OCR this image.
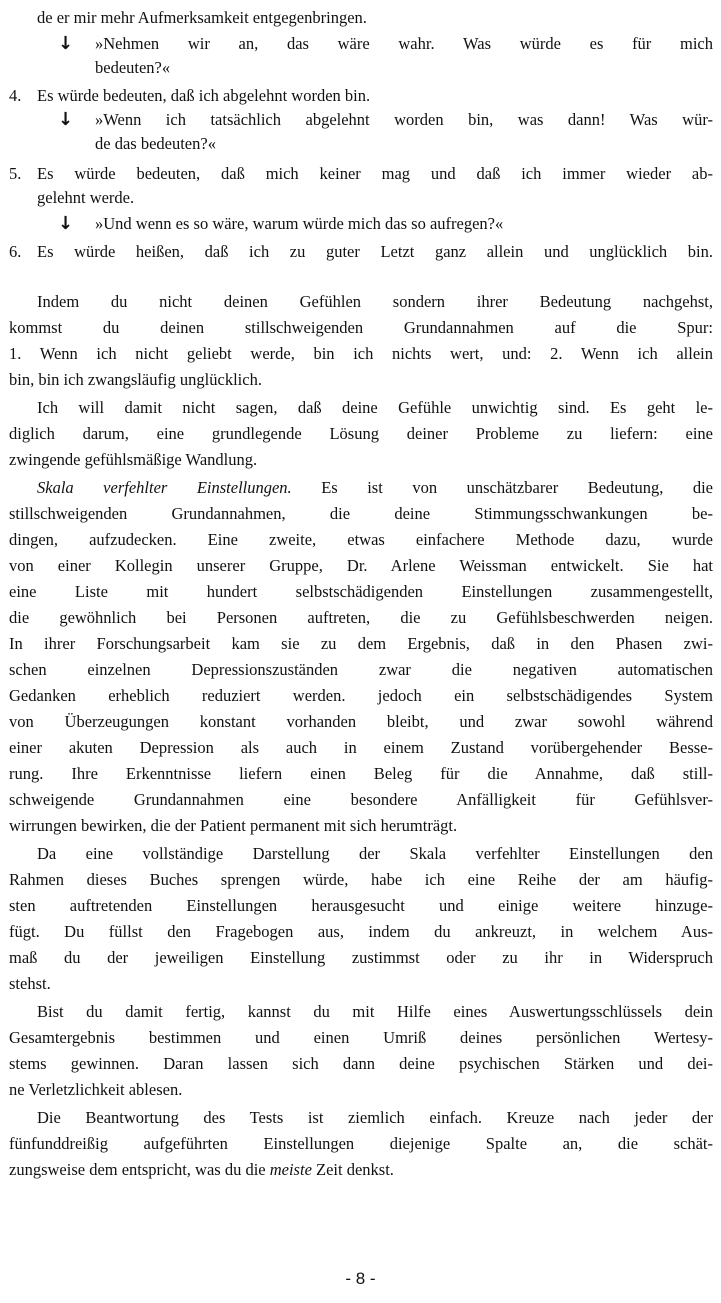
de er mir mehr Aufmerksamkeit entgegenbringen.
↓ »Nehmen wir an, das wäre wahr. Was würde es für mich
bedeuten?«
4. Es würde bedeuten, daß ich abgelehnt worden bin.
↓ »Wenn ich tatsächlich abgelehnt worden bin, was dann! Was wür-
de das bedeuten?«
5. Es würde bedeuten, daß mich keiner mag und daß ich immer wieder ab-
gelehnt werde.
↓ »Und wenn es so wäre, warum würde mich das so aufregen?«
6. Es würde heißen, daß ich zu guter Letzt ganz allein und unglücklich bin.
Indem du nicht deinen Gefühlen sondern ihrer Bedeutung nachgehst,
kommst du deinen stillschweigenden Grundannahmen auf die Spur:
1. Wenn ich nicht geliebt werde, bin ich nichts wert, und: 2. Wenn ich allein
bin, bin ich zwangsläufig unglücklich.
Ich will damit nicht sagen, daß deine Gefühle unwichtig sind. Es geht le-
diglich darum, eine grundlegende Lösung deiner Probleme zu liefern: eine
zwingende gefühlsmäßige Wandlung.
Skala verfehlter Einstellungen. Es ist von unschätzbarer Bedeutung, die
stillschweigenden Grundannahmen, die deine Stimmungsschwankungen be-
dingen, aufzudecken. Eine zweite, etwas einfachere Methode dazu, wurde
von einer Kollegin unserer Gruppe, Dr. Arlene Weissman entwickelt. Sie hat
eine Liste mit hundert selbstschädigenden Einstellungen zusammengestellt,
die gewöhnlich bei Personen auftreten, die zu Gefühlsbeschwerden neigen.
In ihrer Forschungsarbeit kam sie zu dem Ergebnis, daß in den Phasen zwi-
schen einzelnen Depressionszuständen zwar die negativen automatischen
Gedanken erheblich reduziert werden. jedoch ein selbstschädigendes System
von Überzeugungen konstant vorhanden bleibt, und zwar sowohl während
einer akuten Depression als auch in einem Zustand vorübergehender Besse-
rung. Ihre Erkenntnisse liefern einen Beleg für die Annahme, daß still-
schweigende Grundannahmen eine besondere Anfälligkeit für Gefühlsver-
wirrungen bewirken, die der Patient permanent mit sich herumträgt.
Da eine vollständige Darstellung der Skala verfehlter Einstellungen den
Rahmen dieses Buches sprengen würde, habe ich eine Reihe der am häufig-
sten auftretenden Einstellungen herausgesucht und einige weitere hinzuge-
fügt. Du füllst den Fragebogen aus, indem du ankreuzt, in welchem Aus-
maß du der jeweiligen Einstellung zustimmst oder zu ihr in Widerspruch
stehst.
Bist du damit fertig, kannst du mit Hilfe eines Auswertungsschlüssels dein
Gesamtergebnis bestimmen und einen Umriß deines persönlichen Wertesy-
stems gewinnen. Daran lassen sich dann deine psychischen Stärken und dei-
ne Verletzlichkeit ablesen.
Die Beantwortung des Tests ist ziemlich einfach. Kreuze nach jeder der
fünfunddreißig aufgeführten Einstellungen diejenige Spalte an, die schät-
zungsweise dem entspricht, was du die meiste Zeit denkst.
- 8 -
